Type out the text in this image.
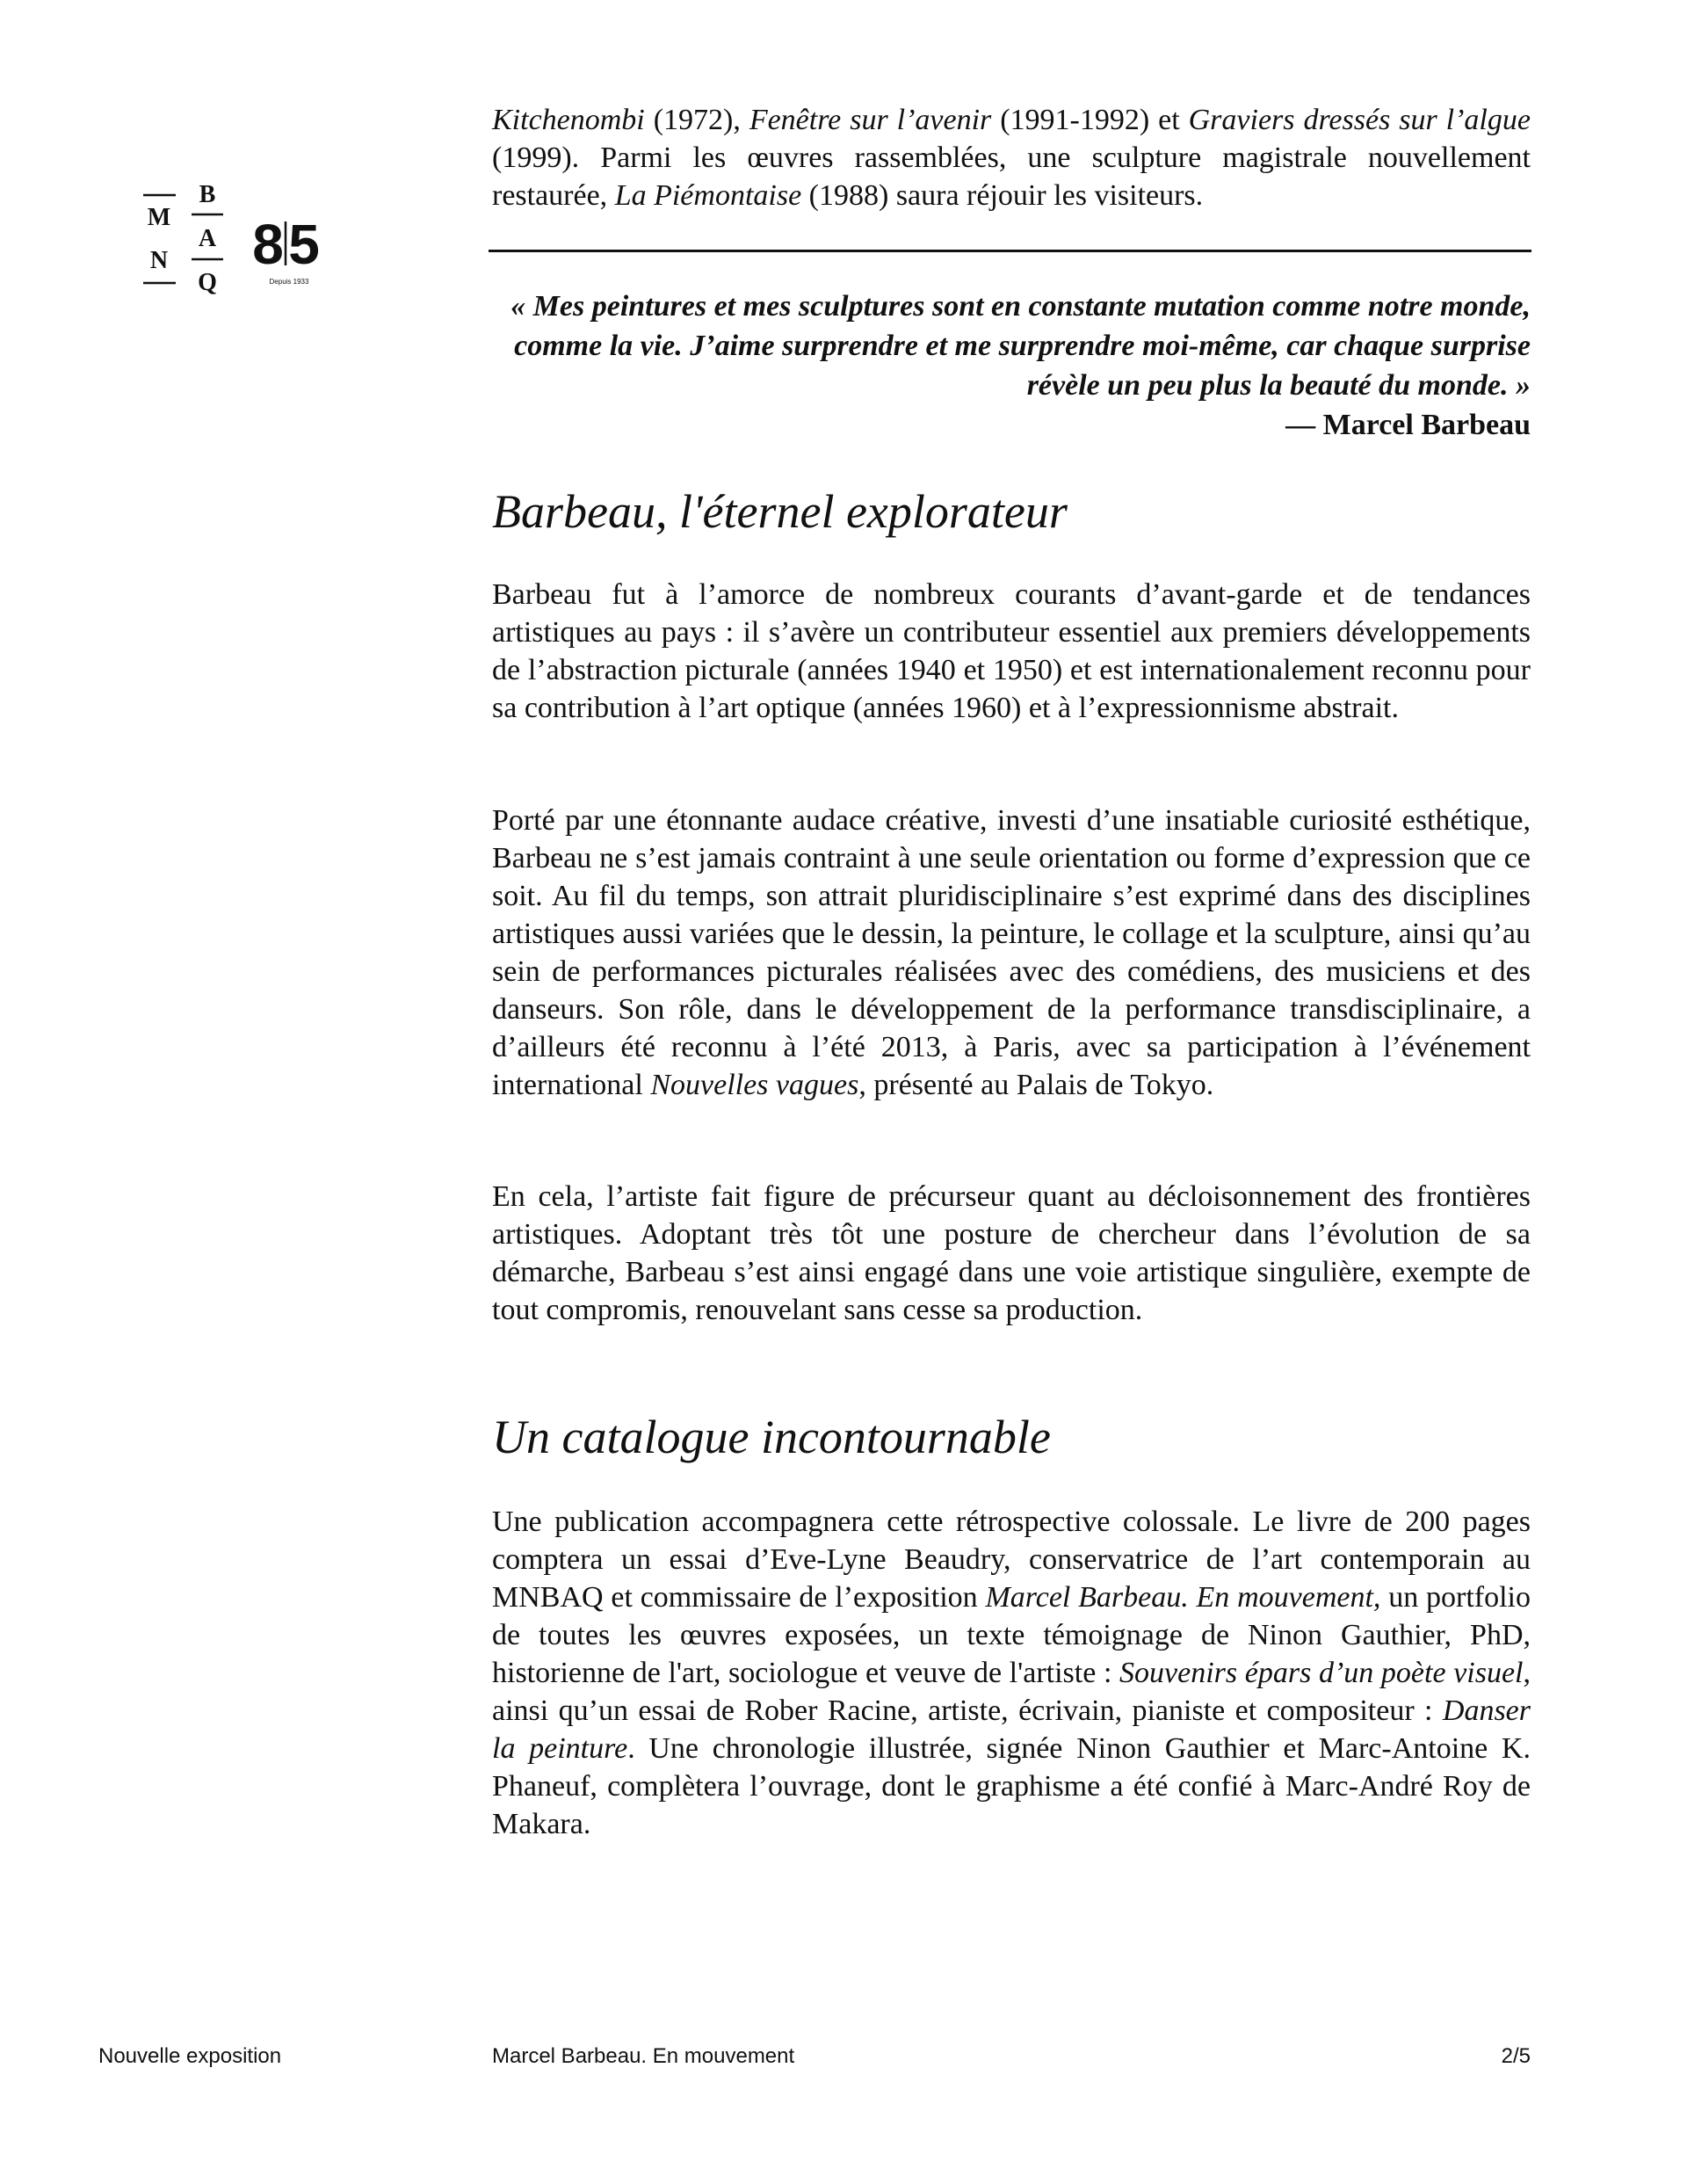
M
N
B
A
Q
8 5
Depuis 1933

Kitchenombi (1972), Fenêtre sur l’avenir (1991-1992) et Graviers dressés sur l’algue (1999). Parmi les œuvres rassemblées, une sculpture magistrale nouvellement restaurée, La Piémontaise (1988) saura réjouir les visiteurs.

« Mes peintures et mes sculptures sont en constante mutation comme notre monde, comme la vie. J’aime surprendre et me surprendre moi-même, car chaque surprise révèle un peu plus la beauté du monde. »

— Marcel Barbeau

Barbeau, l'éternel explorateur

Barbeau fut à l’amorce de nombreux courants d’avant-garde et de tendances artistiques au pays : il s’avère un contributeur essentiel aux premiers développements de l’abstraction picturale (années 1940 et 1950) et est internationalement reconnu pour sa contribution à l’art optique (années 1960) et à l’expressionnisme abstrait.

Porté par une étonnante audace créative, investi d’une insatiable curiosité esthétique, Barbeau ne s’est jamais contraint à une seule orientation ou forme d’expression que ce soit. Au fil du temps, son attrait pluridisciplinaire s’est exprimé dans des disciplines artistiques aussi variées que le dessin, la peinture, le collage et la sculpture, ainsi qu’au sein de performances picturales réalisées avec des comédiens, des musiciens et des danseurs. Son rôle, dans le développement de la performance transdisciplinaire, a d’ailleurs été reconnu à l’été 2013, à Paris, avec sa participation à l’événement international Nouvelles vagues, présenté au Palais de Tokyo.

En cela, l’artiste fait figure de précurseur quant au décloisonnement des frontières artistiques. Adoptant très tôt une posture de chercheur dans l’évolution de sa démarche, Barbeau s’est ainsi engagé dans une voie artistique singulière, exempte de tout compromis, renouvelant sans cesse sa production.

Un catalogue incontournable

Une publication accompagnera cette rétrospective colossale. Le livre de 200 pages comptera un essai d’Eve-Lyne Beaudry, conservatrice de l’art contemporain au MNBAQ et commissaire de l’exposition Marcel Barbeau. En mouvement, un portfolio de toutes les œuvres exposées, un texte témoignage de Ninon Gauthier, PhD, historienne de l'art, sociologue et veuve de l'artiste : Souvenirs épars d’un poète visuel, ainsi qu’un essai de Rober Racine, artiste, écrivain, pianiste et compositeur : Danser la peinture. Une chronologie illustrée, signée Ninon Gauthier et Marc-Antoine K. Phaneuf, complètera l’ouvrage, dont le graphisme a été confié à Marc-André Roy de Makara.

Nouvelle exposition	Marcel Barbeau. En mouvement	2/5
